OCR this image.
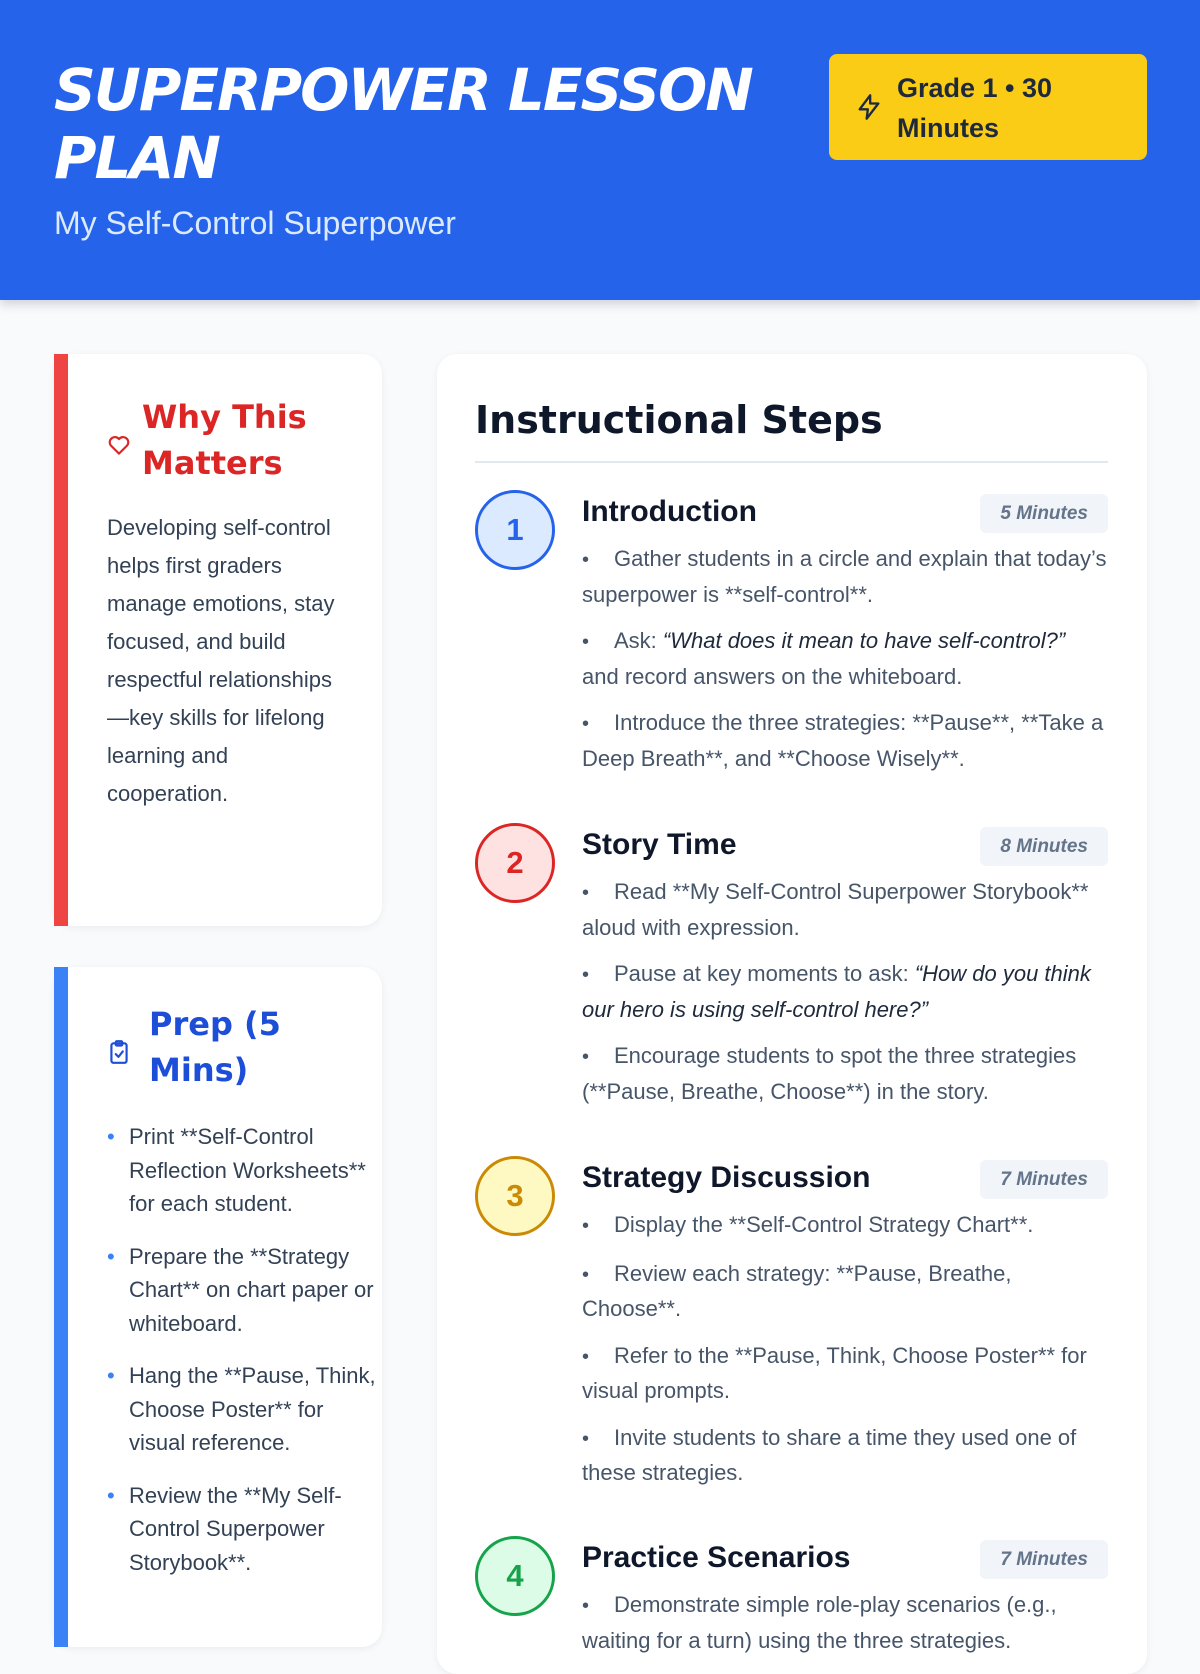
SUPERPOWER LESSON PLAN
My Self-Control Superpower
Grade 1 • 30 Minutes
Why This Matters

Developing self-control helps first graders manage emotions, stay focused, and build respectful relationships—key skills for lifelong learning and cooperation.

Prep (5 Mins)
• Print **Self-Control Reflection Worksheets** for each student.
• Prepare the **Strategy Chart** on chart paper or whiteboard.
• Hang the **Pause, Think, Choose Poster** for visual reference.
• Review the **My Self-Control Superpower Storybook**.
Instructional Steps
1
Introduction	5 Minutes
• Gather students in a circle and explain that today’s superpower is **self-control**.
• Ask: “What does it mean to have self-control?” and record answers on the whiteboard.
• Introduce the three strategies: **Pause**, **Take a Deep Breath**, and **Choose Wisely**.
2
Story Time	8 Minutes
• Read **My Self-Control Superpower Storybook** aloud with expression.
• Pause at key moments to ask: “How do you think our hero is using self-control here?”
• Encourage students to spot the three strategies (**Pause, Breathe, Choose**) in the story.
3
Strategy Discussion	7 Minutes
• Display the **Self-Control Strategy Chart**.
• Review each strategy: **Pause, Breathe, Choose**.
• Refer to the **Pause, Think, Choose Poster** for visual prompts.
• Invite students to share a time they used one of these strategies.
4
Practice Scenarios	7 Minutes
• Demonstrate simple role-play scenarios (e.g., waiting for a turn) using the three strategies.
